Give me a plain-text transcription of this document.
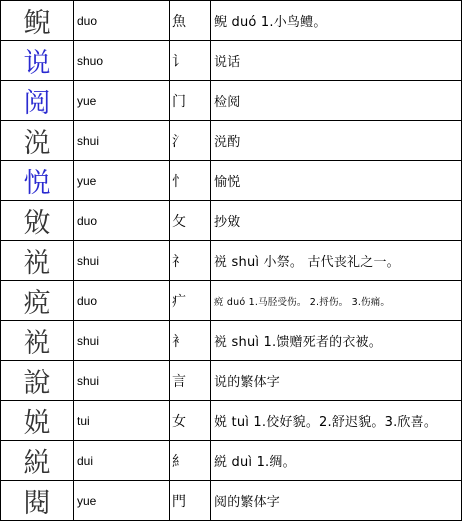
鲵	duo	魚	鲵 duó 1.小鸟鳢。
说	shuo	讠	说话
阅	yue	门	检阅
涚	shui	氵	涚酌
悦	yue	忄	愉悦
敓	duo	攵	抄敓
祱	shui	礻	祱 shuì 小祭。 古代丧礼之一。
痥	duo	疒	痥 duó 1.马胫受伤。 2.捋伤。 3.伤痛。
裞	shui	衤	裞 shuì 1.馈赠死者的衣被。
說	shui	言	说的繁体字
娧	tui	女	娧 tuì 1.佼好貌。2.舒迟貌。3.欣喜。
綐	dui	糹	綐 duì 1.绸。
閱	yue	門	阅的繁体字
